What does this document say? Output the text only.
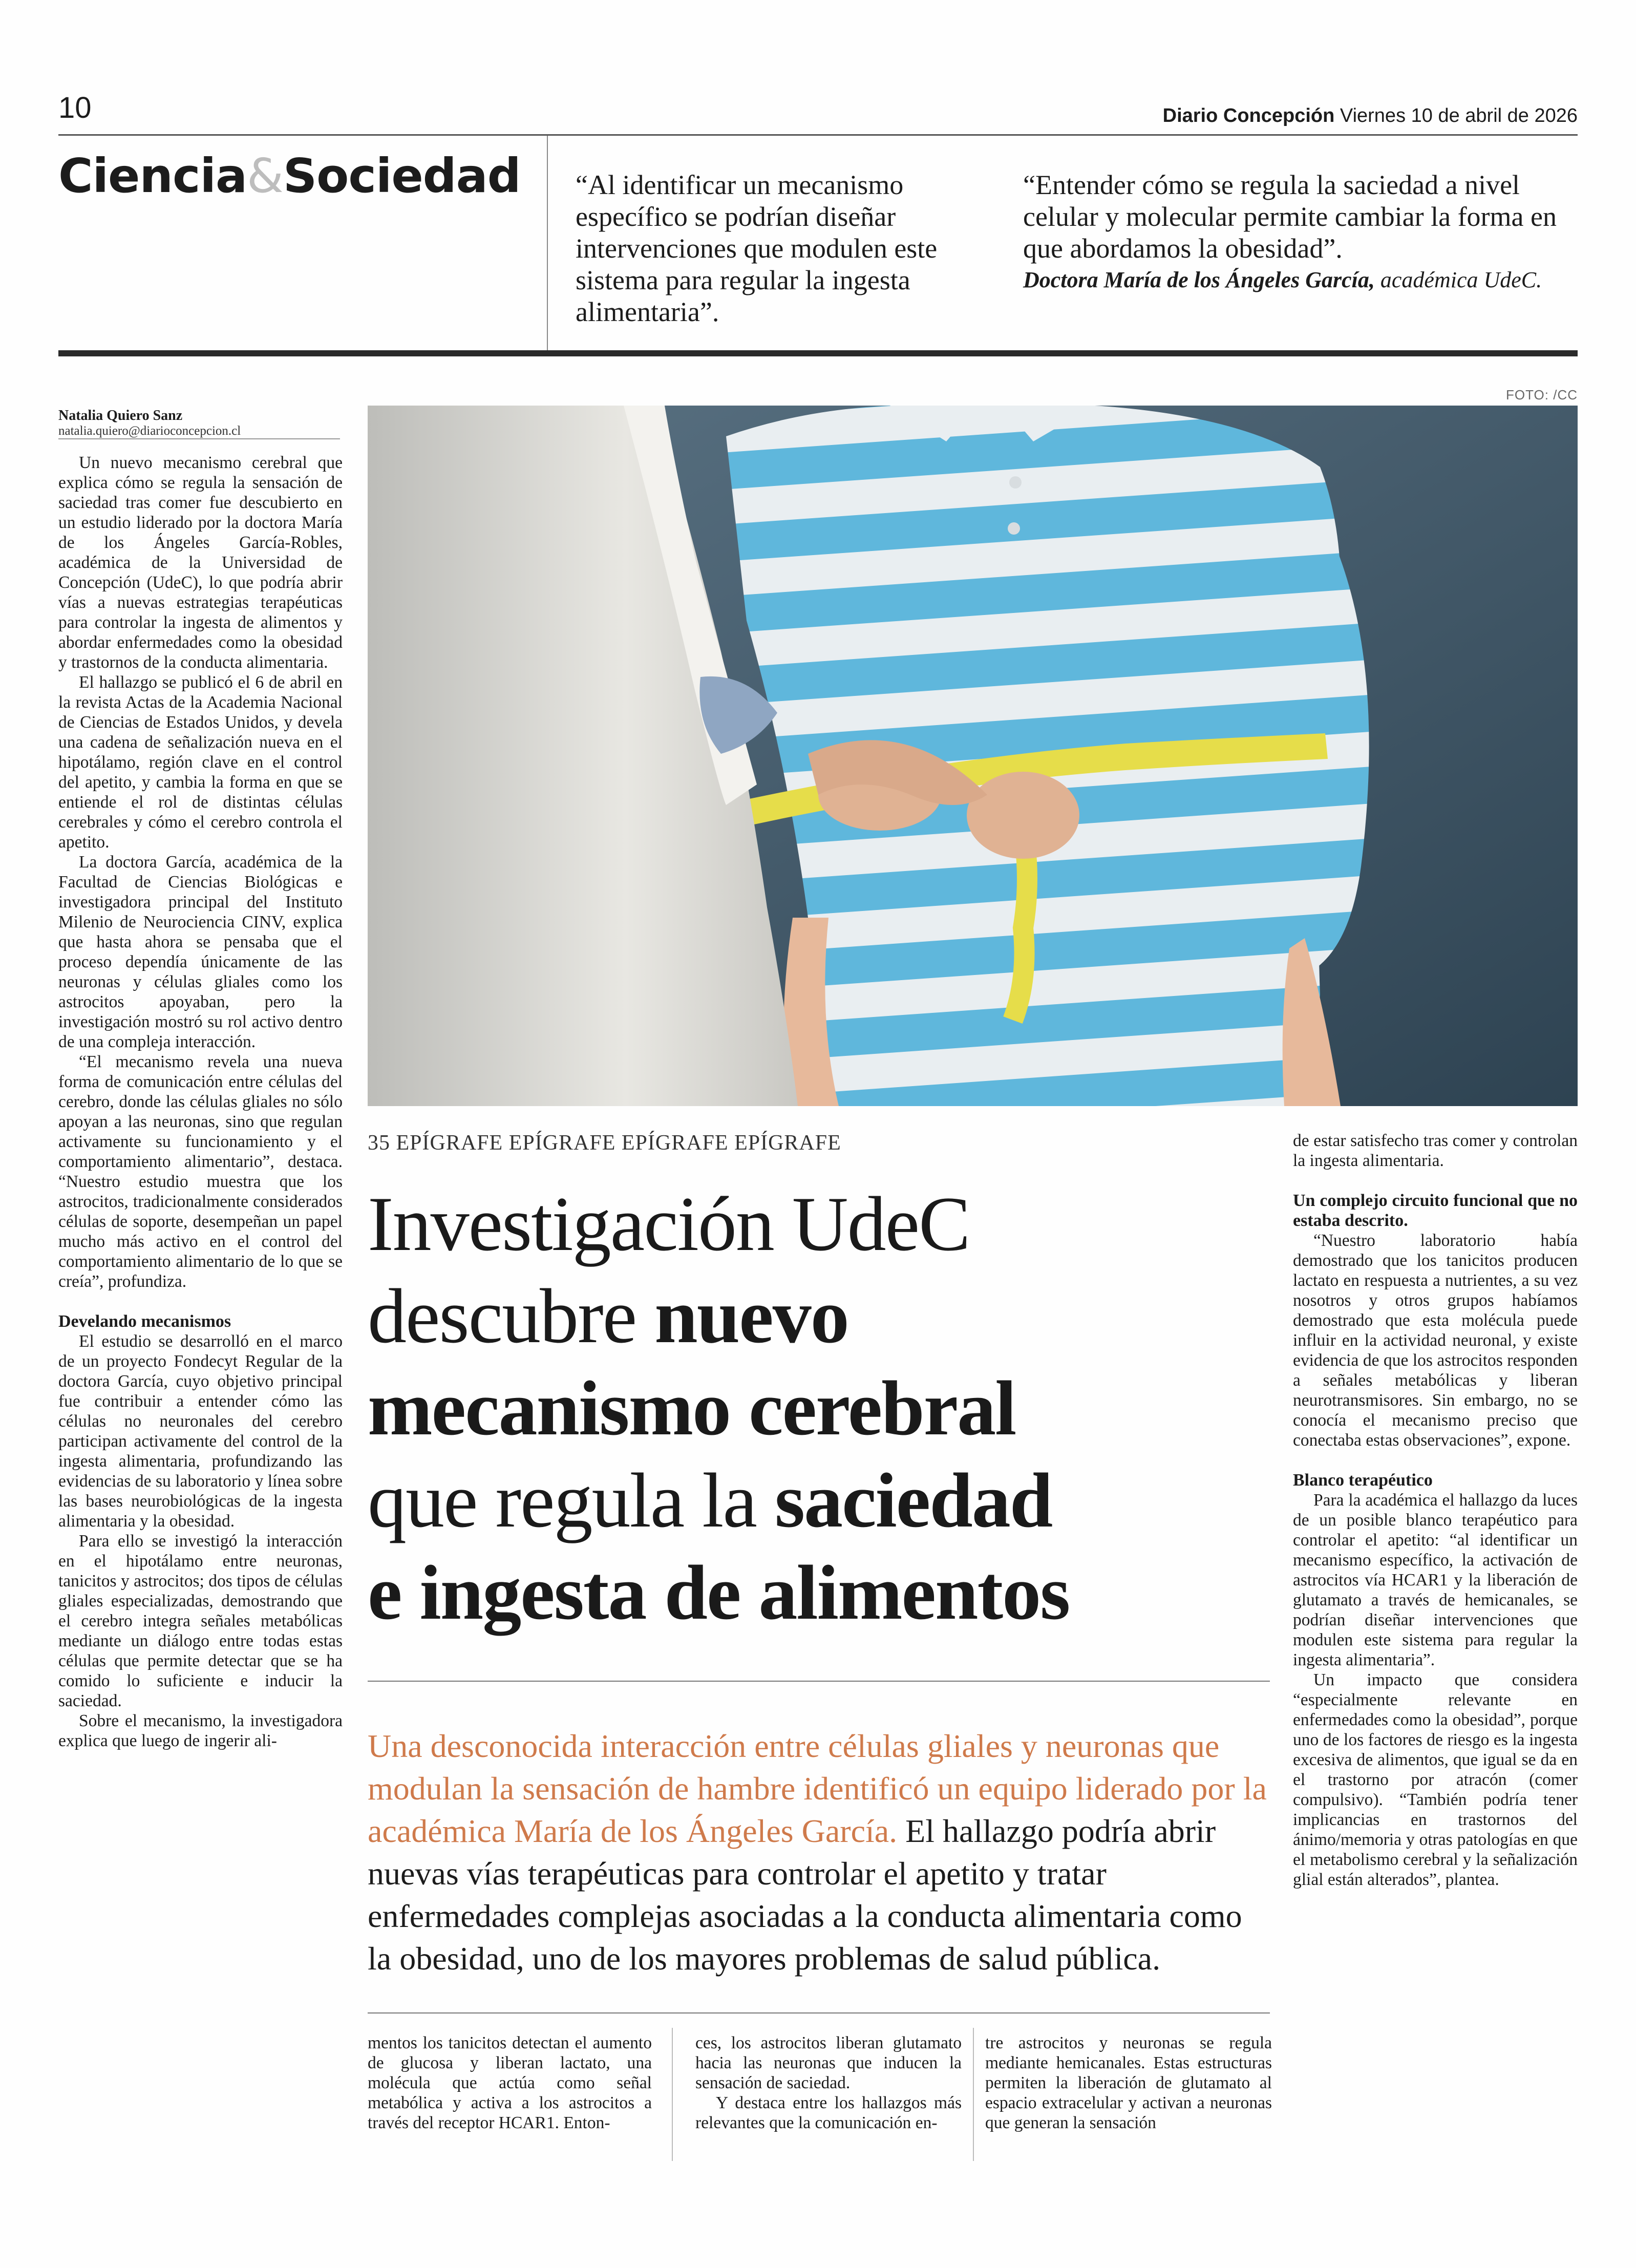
10	Diario Concepción Viernes 10 de abril de 2026
Ciencia&Sociedad “Al identificar un mecanismo específico se podrían diseñar intervenciones que modulen este sistema para regular la ingesta alimentaria”.
“Entender cómo se regula la saciedad a nivel celular y molecular permite cambiar la forma en que abordamos la obesidad”.
Doctora María de los Ángeles García, académica UdeC.
FOTO: /CC
Natalia Quiero Sanz
natalia.quiero@diarioconcepcion.cl

Un nuevo mecanismo cerebral que explica cómo se regula la sensación de saciedad tras comer fue descubierto en un estudio liderado por la doctora María de los Ángeles García-Robles, académica de la Universidad de Concepción (UdeC), lo que podría abrir vías a nuevas estrategias terapéuticas para controlar la ingesta de alimentos y abordar enfermedades como la obesidad y trastornos de la conducta alimentaria.

El hallazgo se publicó el 6 de abril en la revista Actas de la Academia Nacional de Ciencias de Estados Unidos, y devela una cadena de señalización nueva en el hipotálamo, región clave en el control del apetito, y cambia la forma en que se entiende el rol de distintas células cerebrales y cómo el cerebro controla el apetito.

La doctora García, académica de la Facultad de Ciencias Biológicas e investigadora principal del Instituto Milenio de Neurociencia CINV, explica que hasta ahora se pensaba que el proceso dependía únicamente de las neuronas y células gliales como los astrocitos apoyaban, pero la investigación mostró su rol activo dentro de una compleja interacción.

“El mecanismo revela una nueva forma de comunicación entre células del cerebro, donde las células gliales no sólo apoyan a las neuronas, sino que regulan activamente su funcionamiento y el comportamiento alimentario”, destaca. “Nuestro estudio muestra que los astrocitos, tradicionalmente considerados células de soporte, desempeñan un papel mucho más activo en el control del comportamiento alimentario de lo que se creía”, profundiza.

Develando mecanismos

El estudio se desarrolló en el marco de un proyecto Fondecyt Regular de la doctora García, cuyo objetivo principal fue contribuir a entender cómo las células no neuronales del cerebro participan activamente del control de la ingesta alimentaria, profundizando las evidencias de su laboratorio y línea sobre las bases neurobiológicas de la ingesta alimentaria y la obesidad.

Para ello se investigó la interacción en el hipotálamo entre neuronas, tanicitos y astrocitos; dos tipos de células gliales especializadas, demostrando que el cerebro integra señales metabólicas mediante un diálogo entre todas estas células que permite detectar que se ha comido lo suficiente e inducir la saciedad.

Sobre el mecanismo, la investigadora explica que luego de ingerir ali-

35 EPÍGRAFE EPÍGRAFE EPÍGRAFE EPÍGRAFE
Investigación UdeC
descubre nuevo
mecanismo cerebral
que regula la saciedad
e ingesta de alimentos
Una desconocida interacción entre células gliales y neuronas que modulan la sensación de hambre identificó un equipo liderado por la académica María de los Ángeles García. El hallazgo podría abrir nuevas vías terapéuticas para controlar el apetito y tratar enfermedades complejas asociadas a la conducta alimentaria como la obesidad, uno de los mayores problemas de salud pública.

mentos los tanicitos detectan el aumento de glucosa y liberan lactato, una molécula que actúa como señal metabólica y activa a los astrocitos a través del receptor HCAR1. Enton-

ces, los astrocitos liberan glutamato hacia las neuronas que inducen la sensación de saciedad.

Y destaca entre los hallazgos más relevantes que la comunicación en-

tre astrocitos y neuronas se regula mediante hemicanales. Estas estructuras permiten la liberación de glutamato al espacio extracelular y activan a neuronas que generan la sensación

de estar satisfecho tras comer y controlan la ingesta alimentaria.

Un complejo circuito funcional que no estaba descrito.

“Nuestro laboratorio había demostrado que los tanicitos producen lactato en respuesta a nutrientes, a su vez nosotros y otros grupos habíamos demostrado que esta molécula puede influir en la actividad neuronal, y existe evidencia de que los astrocitos responden a señales metabólicas y liberan neurotransmisores. Sin embargo, no se conocía el mecanismo preciso que conectaba estas observaciones”, expone.

Blanco terapéutico

Para la académica el hallazgo da luces de un posible blanco terapéutico para controlar el apetito: “al identificar un mecanismo específico, la activación de astrocitos vía HCAR1 y la liberación de glutamato a través de hemicanales, se podrían diseñar intervenciones que modulen este sistema para regular la ingesta alimentaria”.

Un impacto que considera “especialmente relevante en enfermedades como la obesidad”, porque uno de los factores de riesgo es la ingesta excesiva de alimentos, que igual se da en el trastorno por atracón (comer compulsivo). “También podría tener implicancias en trastornos del ánimo/memoria y otras patologías en que el metabolismo cerebral y la señalización glial están alterados”, plantea.
